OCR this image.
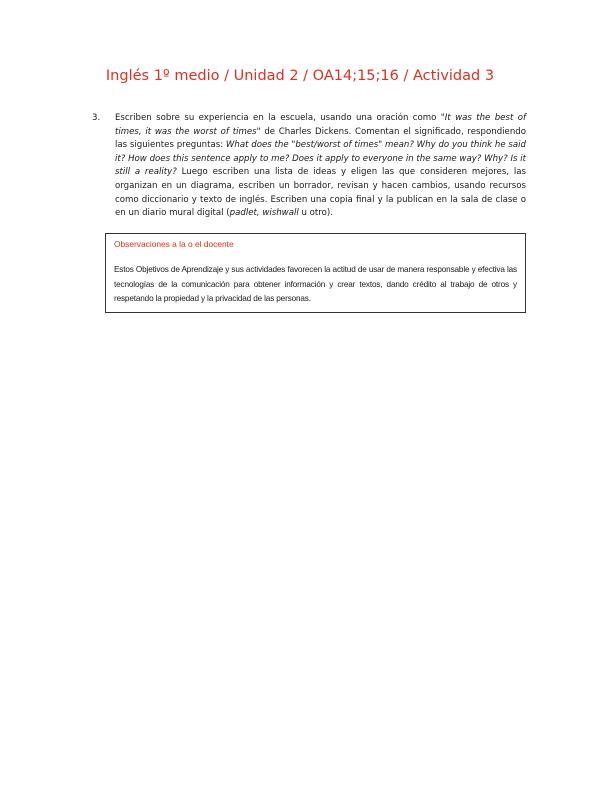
Inglés 1º medio / Unidad 2 / OA14;15;16 / Actividad 3
3. Escriben sobre su experiencia en la escuela, usando una oración como "It was the best of times, it was the worst of times" de Charles Dickens. Comentan el significado, respondiendo las siguientes preguntas: What does the "best/worst of times" mean? Why do you think he said it? How does this sentence apply to me? Does it apply to everyone in the same way? Why? Is it still a reality? Luego escriben una lista de ideas y eligen las que consideren mejores, las organizan en un diagrama, escriben un borrador, revisan y hacen cambios, usando recursos como diccionario y texto de inglés. Escriben una copia final y la publican en la sala de clase o en un diario mural digital (padlet, wishwall u otro).
Observaciones a la o el docente
Estos Objetivos de Aprendizaje y sus actividades favorecen la actitud de usar de manera responsable y efectiva las tecnologías de la comunicación para obtener información y crear textos, dando crédito al trabajo de otros y respetando la propiedad y la privacidad de las personas.
